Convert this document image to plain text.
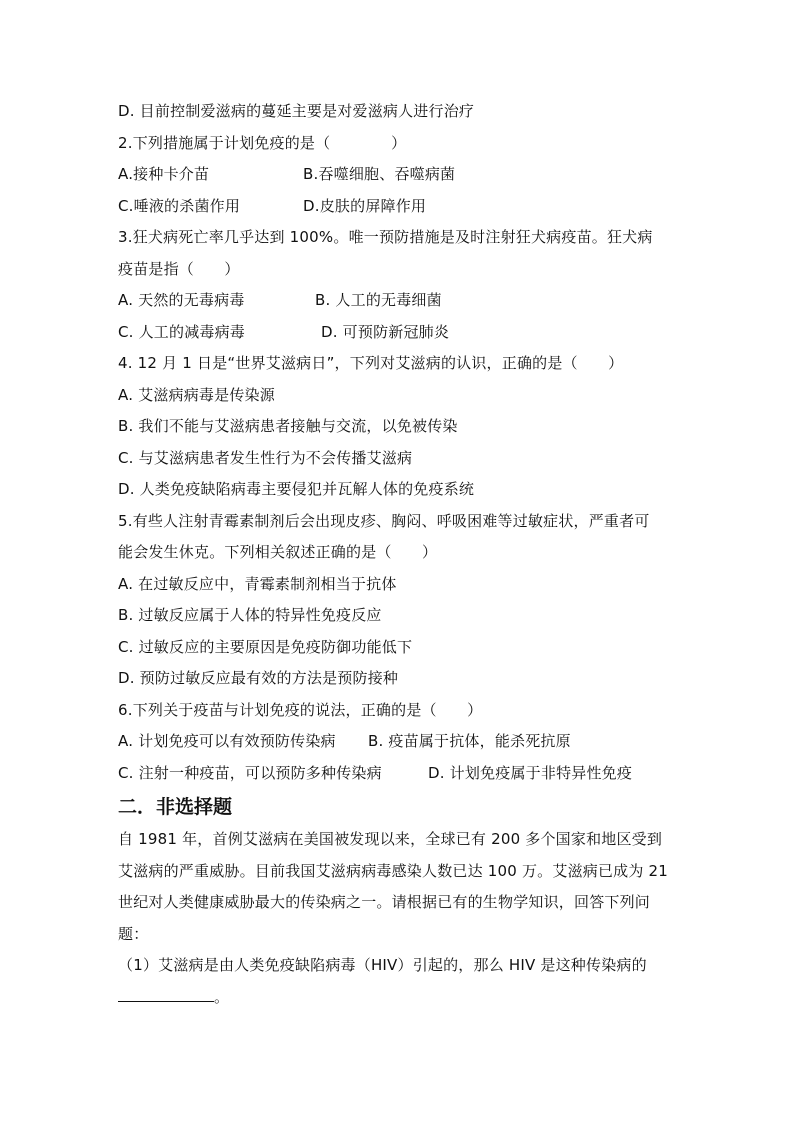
D. 目前控制爱滋病的蔓延主要是对爱滋病人进行治疗
2.下列措施属于计划免疫的是（　　　　）
A.接种卡介苗	B.吞噬细胞、吞噬病菌
C.唾液的杀菌作用	D.皮肤的屏障作用
3.狂犬病死亡率几乎达到 100%。唯一预防措施是及时注射狂犬病疫苗。狂犬病
疫苗是指（　　）
A. 天然的无毒病毒	B. 人工的无毒细菌
C. 人工的减毒病毒	D. 可预防新冠肺炎
4. 12 月 1 日是“世界艾滋病日”，下列对艾滋病的认识，正确的是（　　）
A. 艾滋病病毒是传染源
B. 我们不能与艾滋病患者接触与交流，以免被传染
C. 与艾滋病患者发生性行为不会传播艾滋病
D. 人类免疫缺陷病毒主要侵犯并瓦解人体的免疫系统
5.有些人注射青霉素制剂后会出现皮疹、胸闷、呼吸困难等过敏症状，严重者可
能会发生休克。下列相关叙述正确的是（　　）
A. 在过敏反应中，青霉素制剂相当于抗体
B. 过敏反应属于人体的特异性免疫反应
C. 过敏反应的主要原因是免疫防御功能低下
D. 预防过敏反应最有效的方法是预防接种
6.下列关于疫苗与计划免疫的说法，正确的是（　　）
A. 计划免疫可以有效预防传染病	B. 疫苗属于抗体，能杀死抗原
C. 注射一种疫苗，可以预防多种传染病	D. 计划免疫属于非特异性免疫
二．非选择题
自 1981 年，首例艾滋病在美国被发现以来，全球已有 200 多个国家和地区受到
艾滋病的严重威胁。目前我国艾滋病病毒感染人数已达 100 万。艾滋病已成为 21
世纪对人类健康威胁最大的传染病之一。请根据已有的生物学知识，回答下列问
题：
（1）艾滋病是由人类免疫缺陷病毒（HIV）引起的，那么 HIV 是这种传染病的
。
